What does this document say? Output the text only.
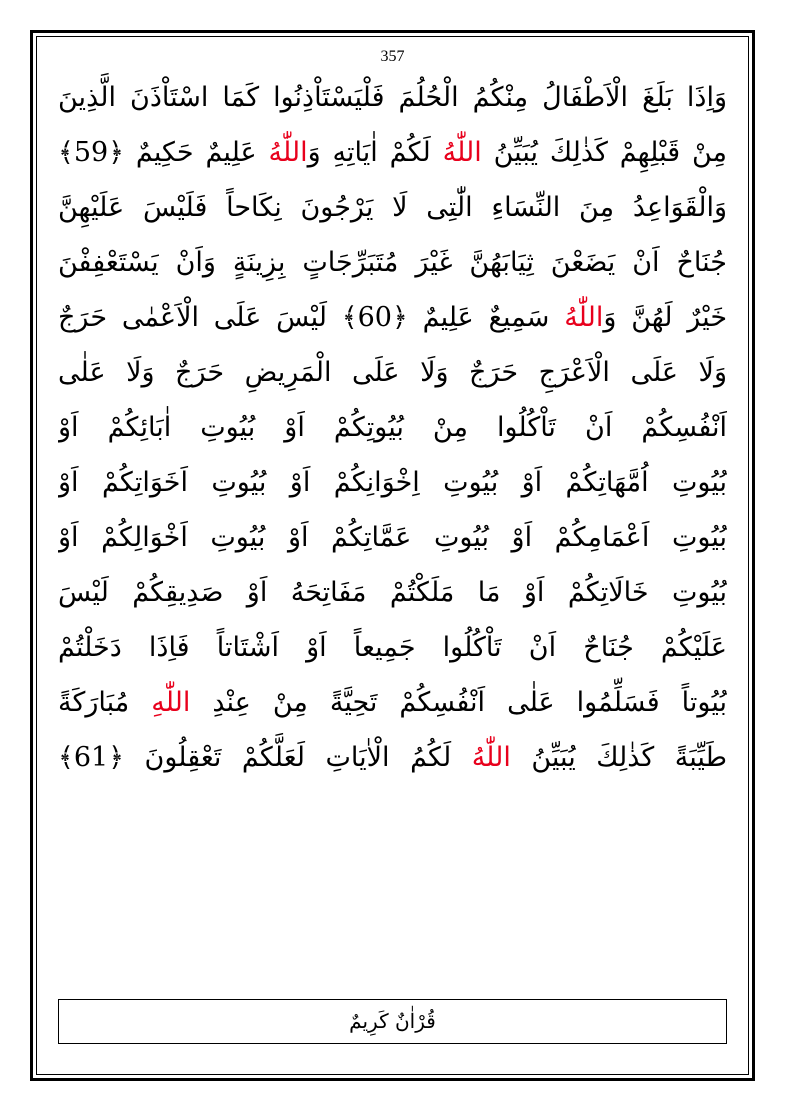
357
وَاِذَا بَلَغَ الْاَطْفَالُ مِنْكُمُ الْحُلُمَ فَلْيَسْتَاْذِنُوا كَمَا اسْتَاْذَنَ الَّذِينَ
مِنْ قَبْلِهِمْ كَذٰلِكَ يُبَيِّنُ اللّٰهُ لَكُمْ اٰيَاتِهِ وَاللّٰهُ عَلِيمٌ حَكِيمٌ ﴿59﴾
وَالْقَوَاعِدُ مِنَ النِّسَاءِ الّٰتِى لَا يَرْجُونَ نِكَاحاً فَلَيْسَ عَلَيْهِنَّ
جُنَاحٌ اَنْ يَضَعْنَ ثِيَابَهُنَّ غَيْرَ مُتَبَرِّجَاتٍ بِزِينَةٍ وَاَنْ يَسْتَعْفِفْنَ
خَيْرٌ لَهُنَّ وَاللّٰهُ سَمِيعٌ عَلِيمٌ ﴿60﴾ لَيْسَ عَلَى الْاَعْمٰى حَرَجٌ
وَلَا عَلَى الْاَعْرَجِ حَرَجٌ وَلَا عَلَى الْمَرِيضِ حَرَجٌ وَلَا عَلٰى
اَنْفُسِكُمْ اَنْ تَاْكُلُوا مِنْ بُيُوتِكُمْ اَوْ بُيُوتِ اٰبَائِكُمْ اَوْ
بُيُوتِ اُمَّهَاتِكُمْ اَوْ بُيُوتِ اِخْوَانِكُمْ اَوْ بُيُوتِ اَخَوَاتِكُمْ اَوْ
بُيُوتِ اَعْمَامِكُمْ اَوْ بُيُوتِ عَمَّاتِكُمْ اَوْ بُيُوتِ اَخْوَالِكُمْ اَوْ
بُيُوتِ خَالَاتِكُمْ اَوْ مَا مَلَكْتُمْ مَفَاتِحَهُ اَوْ صَدِيقِكُمْ لَيْسَ
عَلَيْكُمْ جُنَاحٌ اَنْ تَاْكُلُوا جَمِيعاً اَوْ اَشْتَاتاً فَاِذَا دَخَلْتُمْ
بُيُوتاً فَسَلِّمُوا عَلٰى اَنْفُسِكُمْ تَحِيَّةً مِنْ عِنْدِ اللّٰهِ مُبَارَكَةً
طَيِّبَةً كَذٰلِكَ يُبَيِّنُ اللّٰهُ لَكُمُ الْاٰيَاتِ لَعَلَّكُمْ تَعْقِلُونَ ﴿61﴾
قُرْاٰنٌ كَرِيمٌ
